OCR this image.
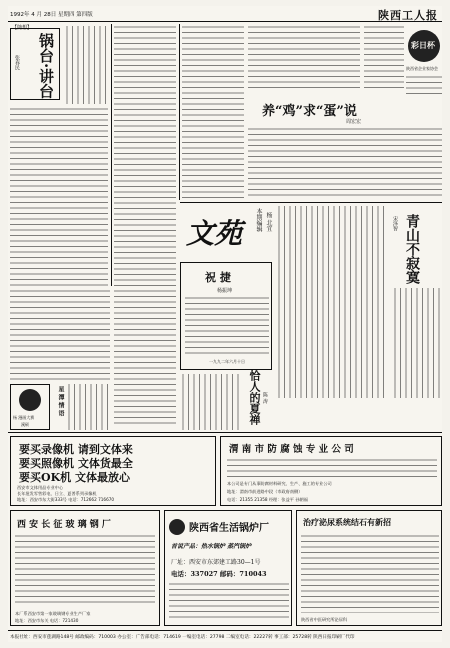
1992年 4 月 28日 星期四 第四版	陕西工人报
锅台·讲台
张春民
【随想】
养“鸡”求“蛋”说
周宏宏
彩日杯
陕西省企业家协会
文苑 本期编辑 杨 北宜	青山不寂寞
宋泽智
祝 捷
杨振坤
一九九二年六月十日
杨 漫画大赛
溪硕
星 潭 情 语	恰人的夏禅 陈 涛
要买录像机 请到文体来
要买照像机 文体货最全
要买OK机 文体最放心
西安市文体用品专业中心
长年批发零售彩电、日立、夏普系列录像机
地址：西安市东大街333号 电话：712662 716670
渭 南 市 防 腐 蚀 专 业 公 司
本公司是专门从事防腐材料研究、生产、施工的专业公司
地址：渭南市前进路中段（市政府南侧）
电话：21355 21358 经理：张益平 孙朝福
西 安 长 征 玻 璃 钢 厂
本厂系西安市第一家玻璃钢专业生产厂家
地址：西安市东关 电话：721430
陕西省生活锅炉厂
首说产品：热水锅炉 蒸汽锅炉
厂址：西安市东郊建工路30—1号
电话：337027 邮码：710043
治疗泌尿系统结石有新招
陕西省中医研究所泌尿科
本报社址：西安市莲湖路148号 邮政编码：710003 办公室：广告部电话：714619 一编室电话：27798 二编室电话：22227转 事工部：25728转 陕西日报印刷厂代印
